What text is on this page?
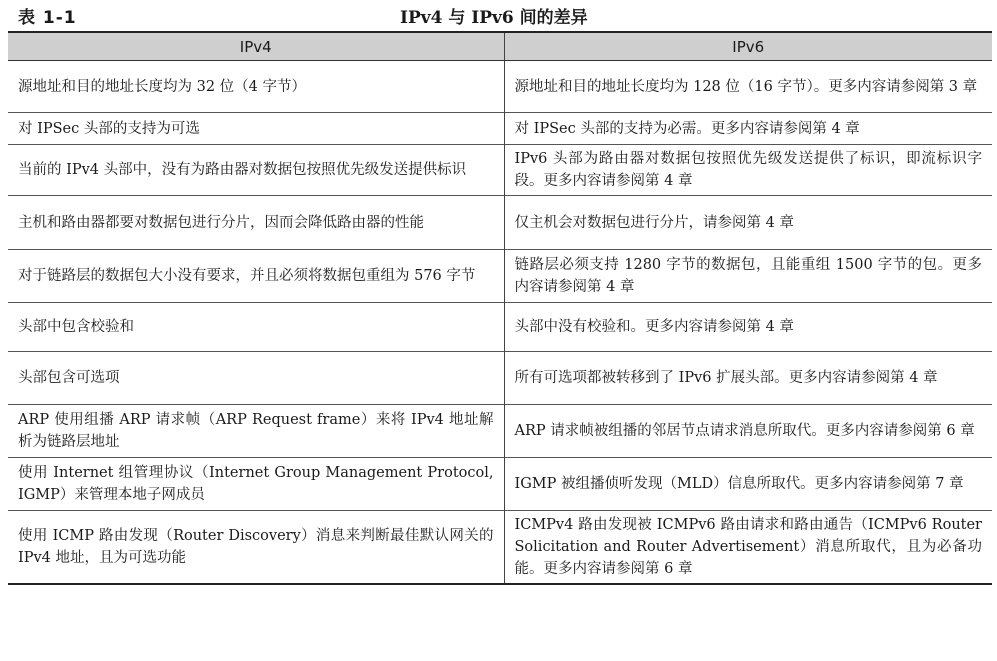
表 1-1	IPv4 与 IPv6 间的差异
IPv4	IPv6
源地址和目的地址长度均为 32 位（4 字节）	源地址和目的地址长度均为 128 位（16 字节）。更多内容请参阅第 3 章
对 IPSec 头部的支持为可选	对 IPSec 头部的支持为必需。更多内容请参阅第 4 章
当前的 IPv4 头部中，没有为路由器对数据包按照优先级发送提供标识	IPv6 头部为路由器对数据包按照优先级发送提供了标识，即流标识字段。更多内容请参阅第 4 章
主机和路由器都要对数据包进行分片，因而会降低路由器的性能	仅主机会对数据包进行分片，请参阅第 4 章
对于链路层的数据包大小没有要求，并且必须将数据包重组为 576 字节	链路层必须支持 1280 字节的数据包，且能重组 1500 字节的包。更多内容请参阅第 4 章
头部中包含校验和	头部中没有校验和。更多内容请参阅第 4 章
头部包含可选项	所有可选项都被转移到了 IPv6 扩展头部。更多内容请参阅第 4 章
ARP 使用组播 ARP 请求帧（ARP Request frame）来将 IPv4 地址解析为链路层地址	ARP 请求帧被组播的邻居节点请求消息所取代。更多内容请参阅第 6 章
使用 Internet 组管理协议（Internet Group Management Protocol, IGMP）来管理本地子网成员	IGMP 被组播侦听发现（MLD）信息所取代。更多内容请参阅第 7 章
使用 ICMP 路由发现（Router Discovery）消息来判断最佳默认网关的 IPv4 地址，且为可选功能	ICMPv4 路由发现被 ICMPv6 路由请求和路由通告（ICMPv6 Router Solicitation and Router Advertisement）消息所取代，且为必备功能。更多内容请参阅第 6 章
